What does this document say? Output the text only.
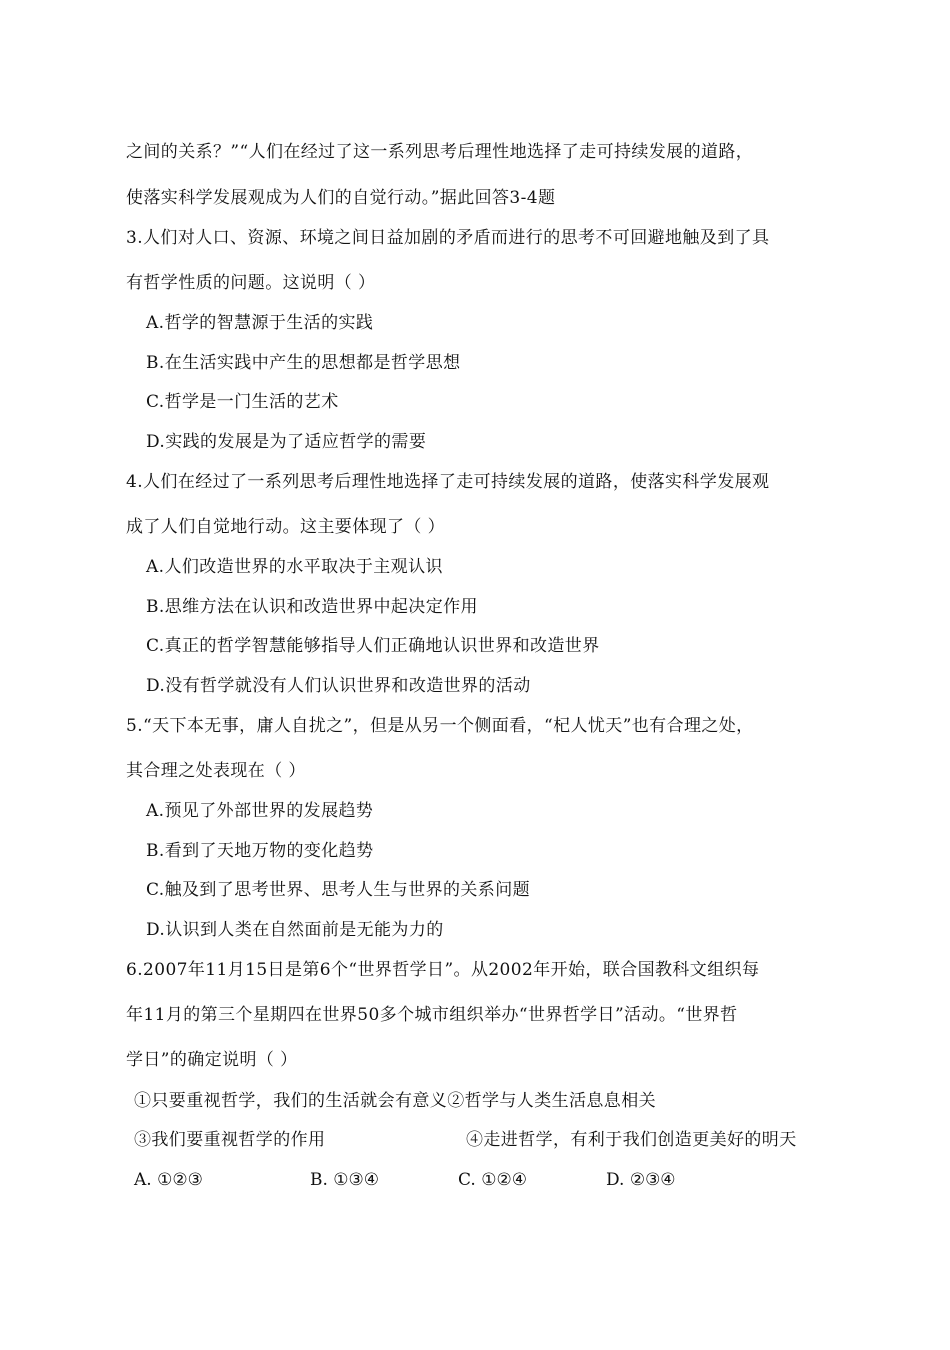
之间的关系？”“人们在经过了这一系列思考后理性地选择了走可持续发展的道路，
使落实科学发展观成为人们的自觉行动。”据此回答3-4题
3.人们对人口、资源、环境之间日益加剧的矛盾而进行的思考不可回避地触及到了具
有哲学性质的问题。这说明（ ）
A.哲学的智慧源于生活的实践
B.在生活实践中产生的思想都是哲学思想
C.哲学是一门生活的艺术
D.实践的发展是为了适应哲学的需要
4.人们在经过了一系列思考后理性地选择了走可持续发展的道路，使落实科学发展观
成了人们自觉地行动。这主要体现了（ ）
A.人们改造世界的水平取决于主观认识
B.思维方法在认识和改造世界中起决定作用
C.真正的哲学智慧能够指导人们正确地认识世界和改造世界
D.没有哲学就没有人们认识世界和改造世界的活动
5.“天下本无事，庸人自扰之”，但是从另一个侧面看，“杞人忧天”也有合理之处，
其合理之处表现在（ ）
A.预见了外部世界的发展趋势
B.看到了天地万物的变化趋势
C.触及到了思考世界、思考人生与世界的关系问题
D.认识到人类在自然面前是无能为力的
6.2007年11月15日是第6个“世界哲学日”。从2002年开始，联合国教科文组织每
年11月的第三个星期四在世界50多个城市组织举办“世界哲学日”活动。“世界哲
学日”的确定说明（ ）
①只要重视哲学，我们的生活就会有意义②哲学与人类生活息息相关
③我们要重视哲学的作用	④走进哲学，有利于我们创造更美好的明天
A. ①②③	B. ①③④	C. ①②④	D. ②③④
